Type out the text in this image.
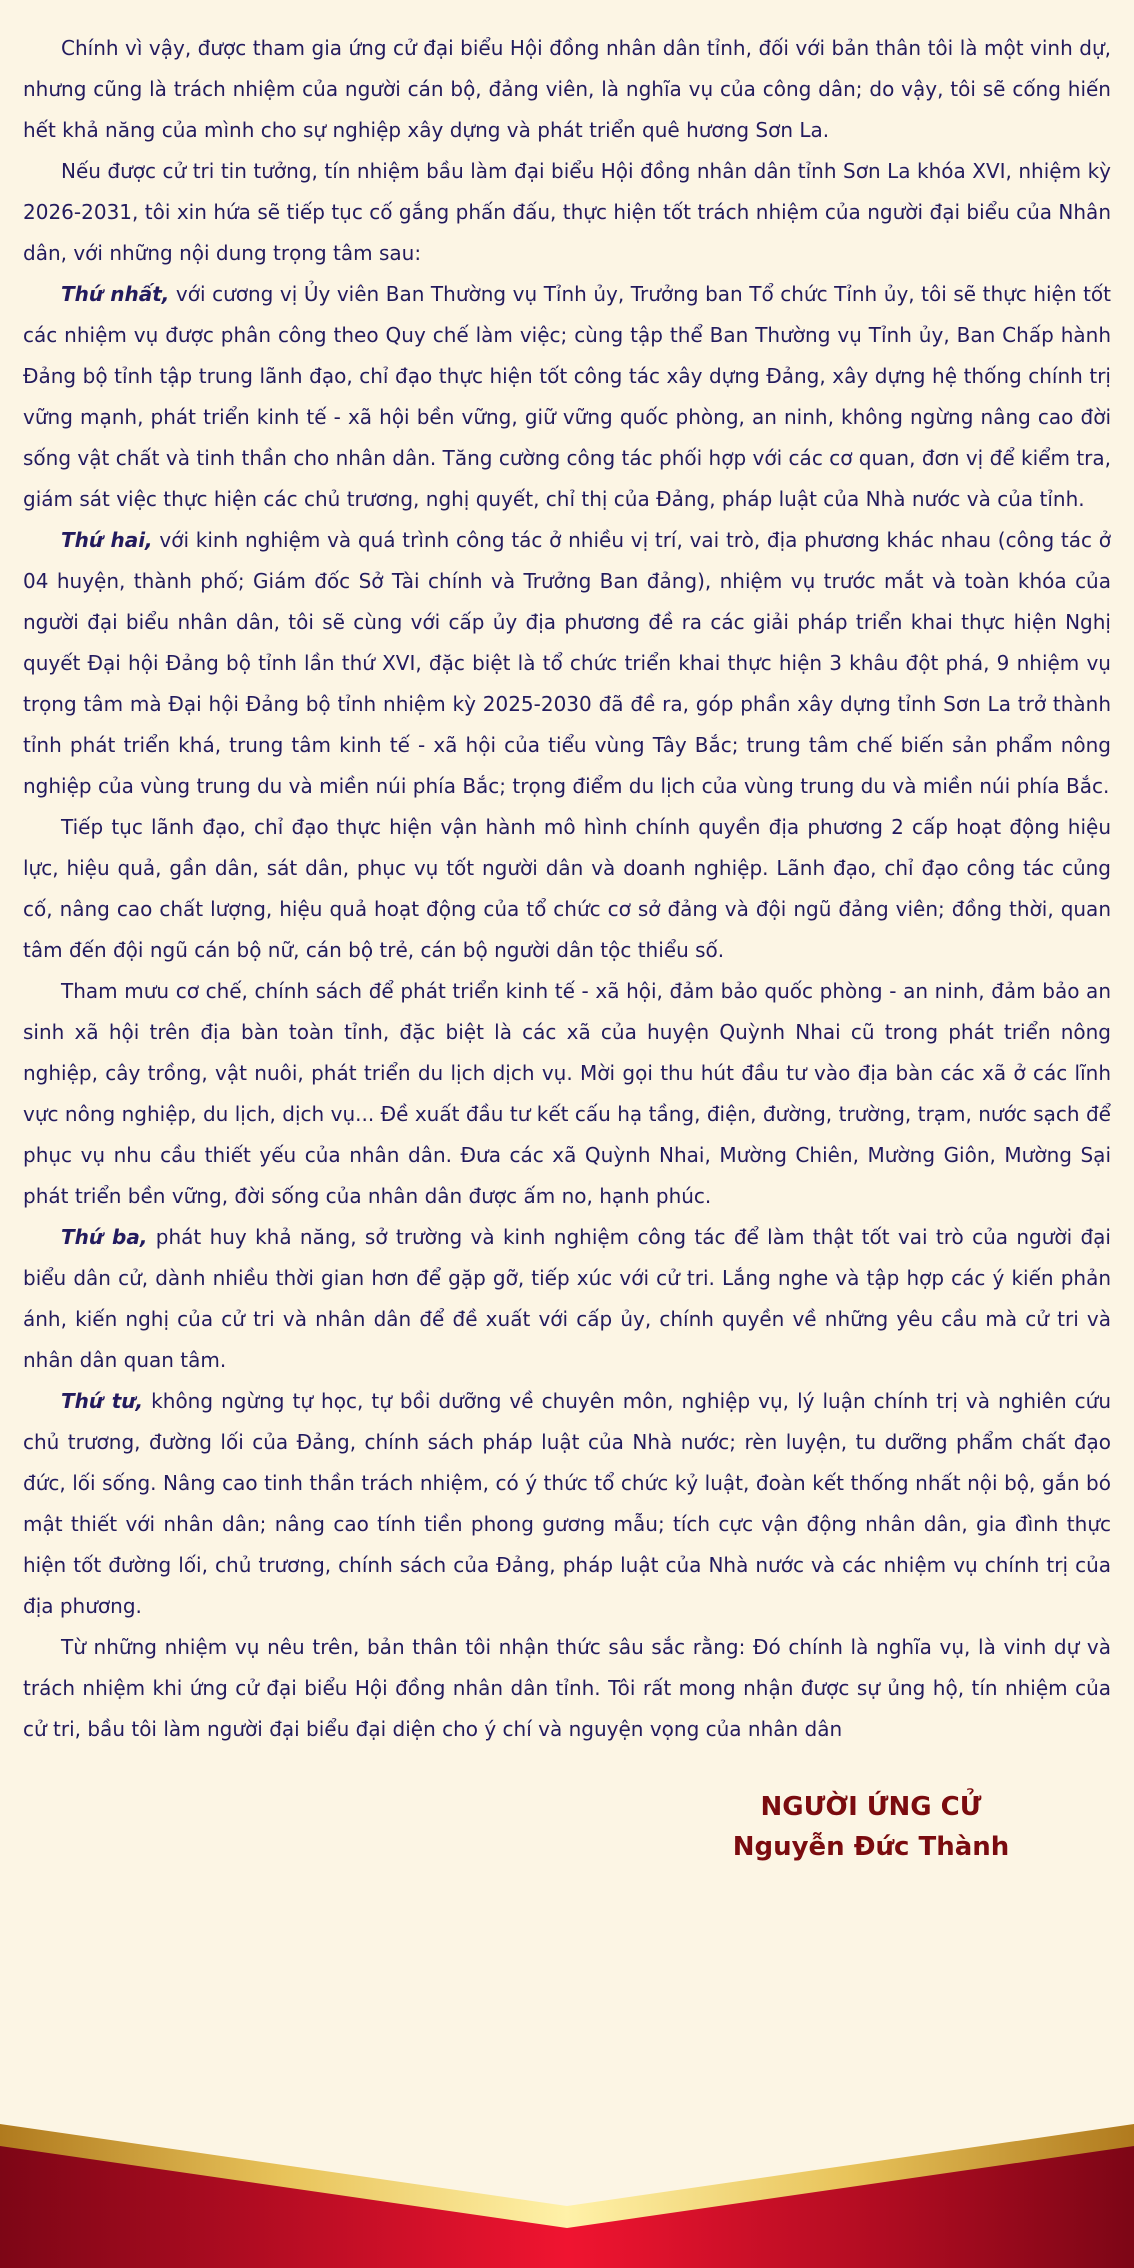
Chính vì vậy, được tham gia ứng cử đại biểu Hội đồng nhân dân tỉnh, đối với bản thân tôi là một vinh dự, nhưng cũng là trách nhiệm của người cán bộ, đảng viên, là nghĩa vụ của công dân; do vậy, tôi sẽ cống hiến hết khả năng của mình cho sự nghiệp xây dựng và phát triển quê hương Sơn La.

Nếu được cử tri tin tưởng, tín nhiệm bầu làm đại biểu Hội đồng nhân dân tỉnh Sơn La khóa XVI, nhiệm kỳ 2026-2031, tôi xin hứa sẽ tiếp tục cố gắng phấn đấu, thực hiện tốt trách nhiệm của người đại biểu của Nhân dân, với những nội dung trọng tâm sau:

Thứ nhất, với cương vị Ủy viên Ban Thường vụ Tỉnh ủy, Trưởng ban Tổ chức Tỉnh ủy, tôi sẽ thực hiện tốt các nhiệm vụ được phân công theo Quy chế làm việc; cùng tập thể Ban Thường vụ Tỉnh ủy, Ban Chấp hành Đảng bộ tỉnh tập trung lãnh đạo, chỉ đạo thực hiện tốt công tác xây dựng Đảng, xây dựng hệ thống chính trị vững mạnh, phát triển kinh tế - xã hội bền vững, giữ vững quốc phòng, an ninh, không ngừng nâng cao đời sống vật chất và tinh thần cho nhân dân. Tăng cường công tác phối hợp với các cơ quan, đơn vị để kiểm tra, giám sát việc thực hiện các chủ trương, nghị quyết, chỉ thị của Đảng, pháp luật của Nhà nước và của tỉnh.

Thứ hai, với kinh nghiệm và quá trình công tác ở nhiều vị trí, vai trò, địa phương khác nhau (công tác ở 04 huyện, thành phố; Giám đốc Sở Tài chính và Trưởng Ban đảng), nhiệm vụ trước mắt và toàn khóa của người đại biểu nhân dân, tôi sẽ cùng với cấp ủy địa phương đề ra các giải pháp triển khai thực hiện Nghị quyết Đại hội Đảng bộ tỉnh lần thứ XVI, đặc biệt là tổ chức triển khai thực hiện 3 khâu đột phá, 9 nhiệm vụ trọng tâm mà Đại hội Đảng bộ tỉnh nhiệm kỳ 2025-2030 đã đề ra, góp phần xây dựng tỉnh Sơn La trở thành tỉnh phát triển khá, trung tâm kinh tế - xã hội của tiểu vùng Tây Bắc; trung tâm chế biến sản phẩm nông nghiệp của vùng trung du và miền núi phía Bắc; trọng điểm du lịch của vùng trung du và miền núi phía Bắc.

Tiếp tục lãnh đạo, chỉ đạo thực hiện vận hành mô hình chính quyền địa phương 2 cấp hoạt động hiệu lực, hiệu quả, gần dân, sát dân, phục vụ tốt người dân và doanh nghiệp. Lãnh đạo, chỉ đạo công tác củng cố, nâng cao chất lượng, hiệu quả hoạt động của tổ chức cơ sở đảng và đội ngũ đảng viên; đồng thời, quan tâm đến đội ngũ cán bộ nữ, cán bộ trẻ, cán bộ người dân tộc thiểu số.

Tham mưu cơ chế, chính sách để phát triển kinh tế - xã hội, đảm bảo quốc phòng - an ninh, đảm bảo an sinh xã hội trên địa bàn toàn tỉnh, đặc biệt là các xã của huyện Quỳnh Nhai cũ trong phát triển nông nghiệp, cây trồng, vật nuôi, phát triển du lịch dịch vụ. Mời gọi thu hút đầu tư vào địa bàn các xã ở các lĩnh vực nông nghiệp, du lịch, dịch vụ... Đề xuất đầu tư kết cấu hạ tầng, điện, đường, trường, trạm, nước sạch để phục vụ nhu cầu thiết yếu của nhân dân. Đưa các xã Quỳnh Nhai, Mường Chiên, Mường Giôn, Mường Sại phát triển bền vững, đời sống của nhân dân được ấm no, hạnh phúc.

Thứ ba, phát huy khả năng, sở trường và kinh nghiệm công tác để làm thật tốt vai trò của người đại biểu dân cử, dành nhiều thời gian hơn để gặp gỡ, tiếp xúc với cử tri. Lắng nghe và tập hợp các ý kiến phản ánh, kiến nghị của cử tri và nhân dân để đề xuất với cấp ủy, chính quyền về những yêu cầu mà cử tri và nhân dân quan tâm.

Thứ tư, không ngừng tự học, tự bồi dưỡng về chuyên môn, nghiệp vụ, lý luận chính trị và nghiên cứu chủ trương, đường lối của Đảng, chính sách pháp luật của Nhà nước; rèn luyện, tu dưỡng phẩm chất đạo đức, lối sống. Nâng cao tinh thần trách nhiệm, có ý thức tổ chức kỷ luật, đoàn kết thống nhất nội bộ, gắn bó mật thiết với nhân dân; nâng cao tính tiền phong gương mẫu; tích cực vận động nhân dân, gia đình thực hiện tốt đường lối, chủ trương, chính sách của Đảng, pháp luật của Nhà nước và các nhiệm vụ chính trị của địa phương.

Từ những nhiệm vụ nêu trên, bản thân tôi nhận thức sâu sắc rằng: Đó chính là nghĩa vụ, là vinh dự và trách nhiệm khi ứng cử đại biểu Hội đồng nhân dân tỉnh. Tôi rất mong nhận được sự ủng hộ, tín nhiệm của cử tri, bầu tôi làm người đại biểu đại diện cho ý chí và nguyện vọng của nhân dân

NGƯỜI ỨNG CỬ
Nguyễn Đức Thành
